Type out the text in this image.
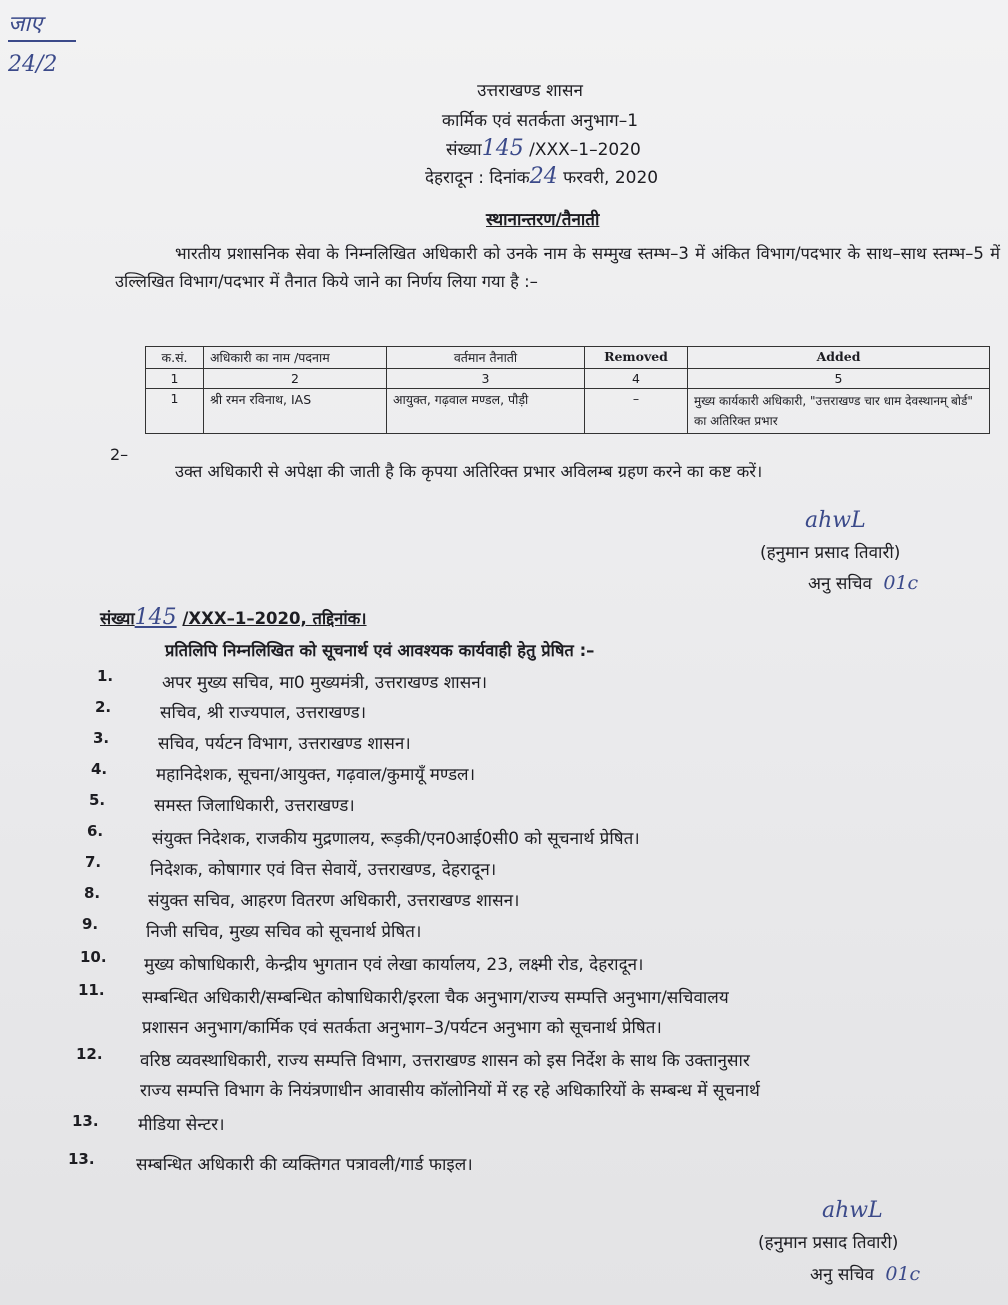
जाए
24/2
उत्तराखण्ड शासन
कार्मिक एवं सतर्कता अनुभाग–1
संख्या145 /XXX–1–2020
देहरादून : दिनांक24 फरवरी, 2020
स्थानान्तरण/तैनाती
भारतीय प्रशासनिक सेवा के निम्नलिखित अधिकारी को उनके नाम के सम्मुख स्तम्भ–3 में अंकित विभाग/पदभार के साथ–साथ स्तम्भ–5 में उल्लिखित विभाग/पदभार में तैनात किये जाने का निर्णय लिया गया है :–
क.सं.	अधिकारी का नाम /पदनाम	वर्तमान तैनाती	Removed	Added
1	2	3	4	5
1	श्री रमन रविनाथ, IAS	आयुक्त, गढ़वाल मण्डल, पौड़ी	–	मुख्य कार्यकारी अधिकारी, "उत्तराखण्ड चार धाम देवस्थानम् बोर्ड" का अतिरिक्त प्रभार
2–
उक्त अधिकारी से अपेक्षा की जाती है कि कृपया अतिरिक्त प्रभार अविलम्ब ग्रहण करने का कष्ट करें।
ahwL
(हनुमान प्रसाद तिवारी)
अनु सचिव 01c
संख्या145 /XXX–1–2020, तद्दिनांक।
प्रतिलिपि निम्नलिखित को सूचनार्थ एवं आवश्यक कार्यवाही हेतु प्रेषित :–
1.	अपर मुख्य सचिव, मा0 मुख्यमंत्री, उत्तराखण्ड शासन।
2.	सचिव, श्री राज्यपाल, उत्तराखण्ड।
3.	सचिव, पर्यटन विभाग, उत्तराखण्ड शासन।
4.	महानिदेशक, सूचना/आयुक्त, गढ़वाल/कुमायूँ मण्डल।
5.	समस्त जिलाधिकारी, उत्तराखण्ड।
6.	संयुक्त निदेशक, राजकीय मुद्रणालय, रूड़की/एन0आई0सी0 को सूचनार्थ प्रेषित।
7.	निदेशक, कोषागार एवं वित्त सेवायें, उत्तराखण्ड, देहरादून।
8.	संयुक्त सचिव, आहरण वितरण अधिकारी, उत्तराखण्ड शासन।
9.	निजी सचिव, मुख्य सचिव को सूचनार्थ प्रेषित।
10. मुख्य कोषाधिकारी, केन्द्रीय भुगतान एवं लेखा कार्यालय, 23, लक्ष्मी रोड, देहरादून।
11. सम्बन्धित अधिकारी/सम्बन्धित कोषाधिकारी/इरला चैक अनुभाग/राज्य सम्पत्ति अनुभाग/सचिवालय
प्रशासन अनुभाग/कार्मिक एवं सतर्कता अनुभाग–3/पर्यटन अनुभाग को सूचनार्थ प्रेषित।
12. वरिष्ठ व्यवस्थाधिकारी, राज्य सम्पत्ति विभाग, उत्तराखण्ड शासन को इस निर्देश के साथ कि उक्तानुसार
राज्य सम्पत्ति विभाग के नियंत्रणाधीन आवासीय कॉलोनियों में रह रहे अधिकारियों के सम्बन्ध में सूचनार्थ
13. मीडिया सेन्टर।
13. सम्बन्धित अधिकारी की व्यक्तिगत पत्रावली/गार्ड फाइल।
ahwL
(हनुमान प्रसाद तिवारी)
अनु सचिव 01c
